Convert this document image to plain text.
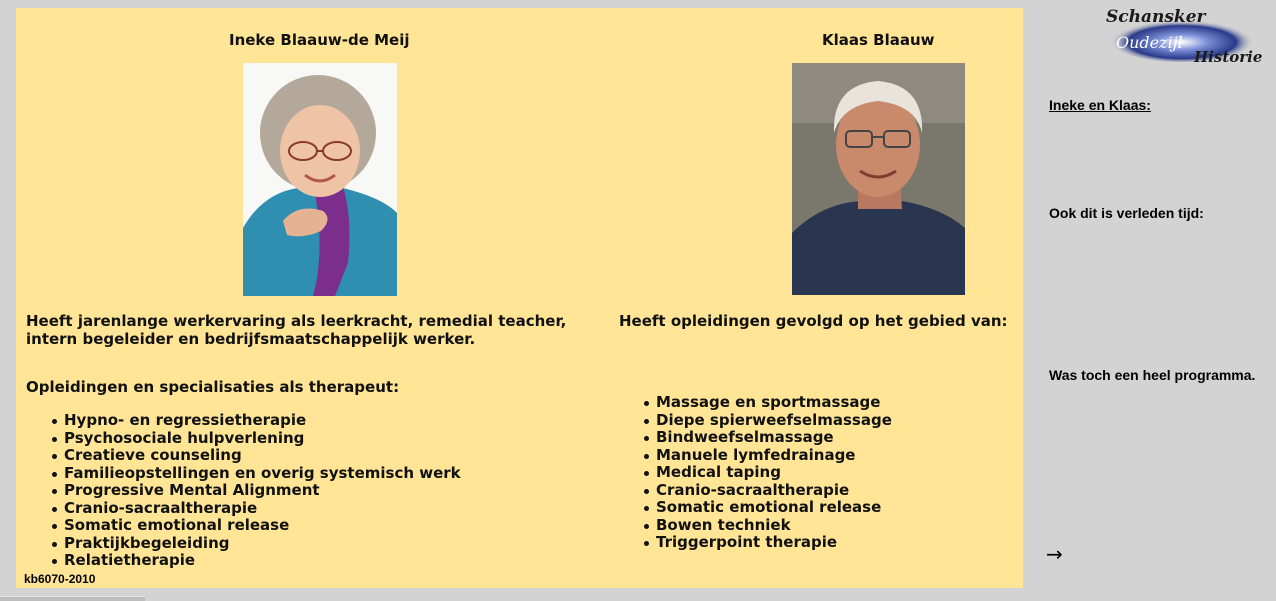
Ineke Blaauw-de Meij
Heeft jarenlange werkervaring als leerkracht, remedial teacher,
intern begeleider en bedrijfsmaatschappelijk werker.
Opleidingen en specialisaties als therapeut:
Hypno- en regressietherapie
Psychosociale hulpverlening
Creatieve counseling
Familieopstellingen en overig systemisch werk
Progressive Mental Alignment
Cranio-sacraaltherapie
Somatic emotional release
Praktijkbegeleiding
Relatietherapie
Klaas Blaauw
Heeft opleidingen gevolgd op het gebied van:
Massage en sportmassage
Diepe spierweefselmassage
Bindweefselmassage
Manuele lymfedrainage
Medical taping
Cranio-sacraaltherapie
Somatic emotional release
Bowen techniek
Triggerpoint therapie
kb6070-2010
Schansker
Oudezijl
Historie
Ineke en Klaas:
Ook dit is verleden tijd:
Was toch een heel programma.
→
